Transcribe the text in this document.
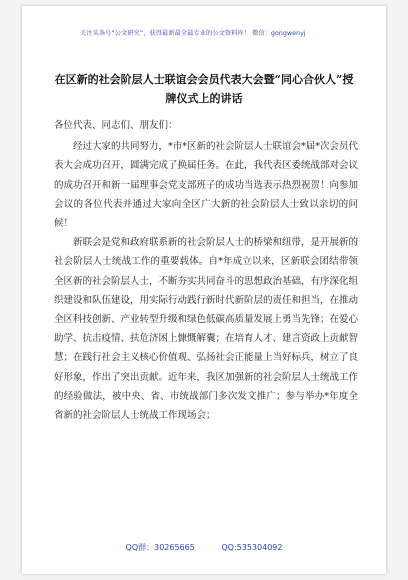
关注头条号“公文研究”，获得最新最全最专业的公文资料库！ 微信：gongwenyj
在区新的社会阶层人士联谊会会员代表大会暨“同心合伙人”授牌仪式上的讲话

各位代表、同志们、朋友们：

经过大家的共同努力，*市*区新的社会阶层人士联谊会*届*次会员代表大会成功召开，圆满完成了换届任务。在此，我代表区委统战部对会议的成功召开和新一届理事会党支部班子的成功当选表示热烈祝贺！向参加会议的各位代表并通过大家向全区广大新的社会阶层人士致以亲切的问候！

新联会是党和政府联系新的社会阶层人士的桥梁和纽带，是开展新的社会阶层人士统战工作的重要载体。自*年成立以来，区新联会团结带领全区新的社会阶层人士，不断夯实共同奋斗的思想政治基础，有序深化组织建设和队伍建设，用实际行动践行新时代新阶层的责任和担当，在推动全区科技创新、产业转型升级和绿色低碳高质量发展上勇当先锋；在爱心助学、抗击疫情、扶危济困上慷慨解囊；在培育人才、建言资政上贡献智慧；在践行社会主义核心价值观、弘扬社会正能量上当好标兵，树立了良好形象，作出了突出贡献。近年来，我区加强新的社会阶层人士统战工作的经验做法，被中央、省、市统战部门多次发文推广；参与举办*年度全省新的社会阶层人士统战工作现场会；

QQ群：30265665	QQ:535304092
